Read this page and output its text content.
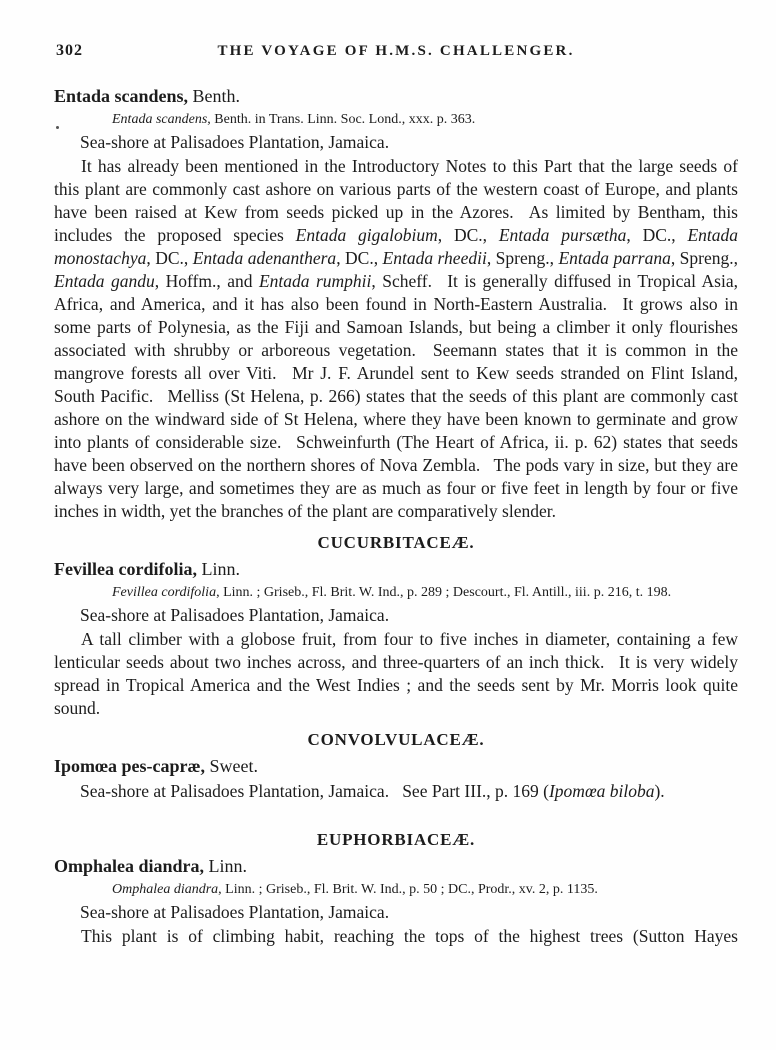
302	THE VOYAGE OF H.M.S. CHALLENGER.

Entada scandens, Benth.

Entada scandens, Benth. in Trans. Linn. Soc. Lond., xxx. p. 363.

Sea-shore at Palisadoes Plantation, Jamaica.

It has already been mentioned in the Introductory Notes to this Part that the large seeds of this plant are commonly cast ashore on various parts of the western coast of Europe, and plants have been raised at Kew from seeds picked up in the Azores.  As limited by Bentham, this includes the proposed species Entada gigalobium, DC., Entada pursætha, DC., Entada monostachya, DC., Entada adenanthera, DC., Entada rheedii, Spreng., Entada parrana, Spreng., Entada gandu, Hoffm., and Entada rumphii, Scheff.  It is generally diffused in Tropical Asia, Africa, and America, and it has also been found in North-Eastern Australia.  It grows also in some parts of Polynesia, as the Fiji and Samoan Islands, but being a climber it only flourishes associated with shrubby or arboreous vegetation.  Seemann states that it is common in the mangrove forests all over Viti.  Mr J. F. Arundel sent to Kew seeds stranded on Flint Island, South Pacific.  Melliss (St Helena, p. 266) states that the seeds of this plant are commonly cast ashore on the windward side of St Helena, where they have been known to germinate and grow into plants of considerable size.  Schweinfurth (The Heart of Africa, ii. p. 62) states that seeds have been observed on the northern shores of Nova Zembla.  The pods vary in size, but they are always very large, and sometimes they are as much as four or five feet in length by four or five inches in width, yet the branches of the plant are comparatively slender.

CUCURBITACEÆ.

Fevillea cordifolia, Linn.

Fevillea cordifolia, Linn. ; Griseb., Fl. Brit. W. Ind., p. 289 ; Descourt., Fl. Antill., iii. p. 216, t. 198.

Sea-shore at Palisadoes Plantation, Jamaica.

A tall climber with a globose fruit, from four to five inches in diameter, containing a few lenticular seeds about two inches across, and three-quarters of an inch thick.  It is very widely spread in Tropical America and the West Indies ; and the seeds sent by Mr. Morris look quite sound.

CONVOLVULACEÆ.

Ipomœa pes-capræ, Sweet.

Sea-shore at Palisadoes Plantation, Jamaica.  See Part III., p. 169 (Ipomœa biloba).

EUPHORBIACEÆ.

Omphalea diandra, Linn.

Omphalea diandra, Linn. ; Griseb., Fl. Brit. W. Ind., p. 50 ; DC., Prodr., xv. 2, p. 1135.

Sea-shore at Palisadoes Plantation, Jamaica.

This plant is of climbing habit, reaching the tops of the highest trees (Sutton Hayes
